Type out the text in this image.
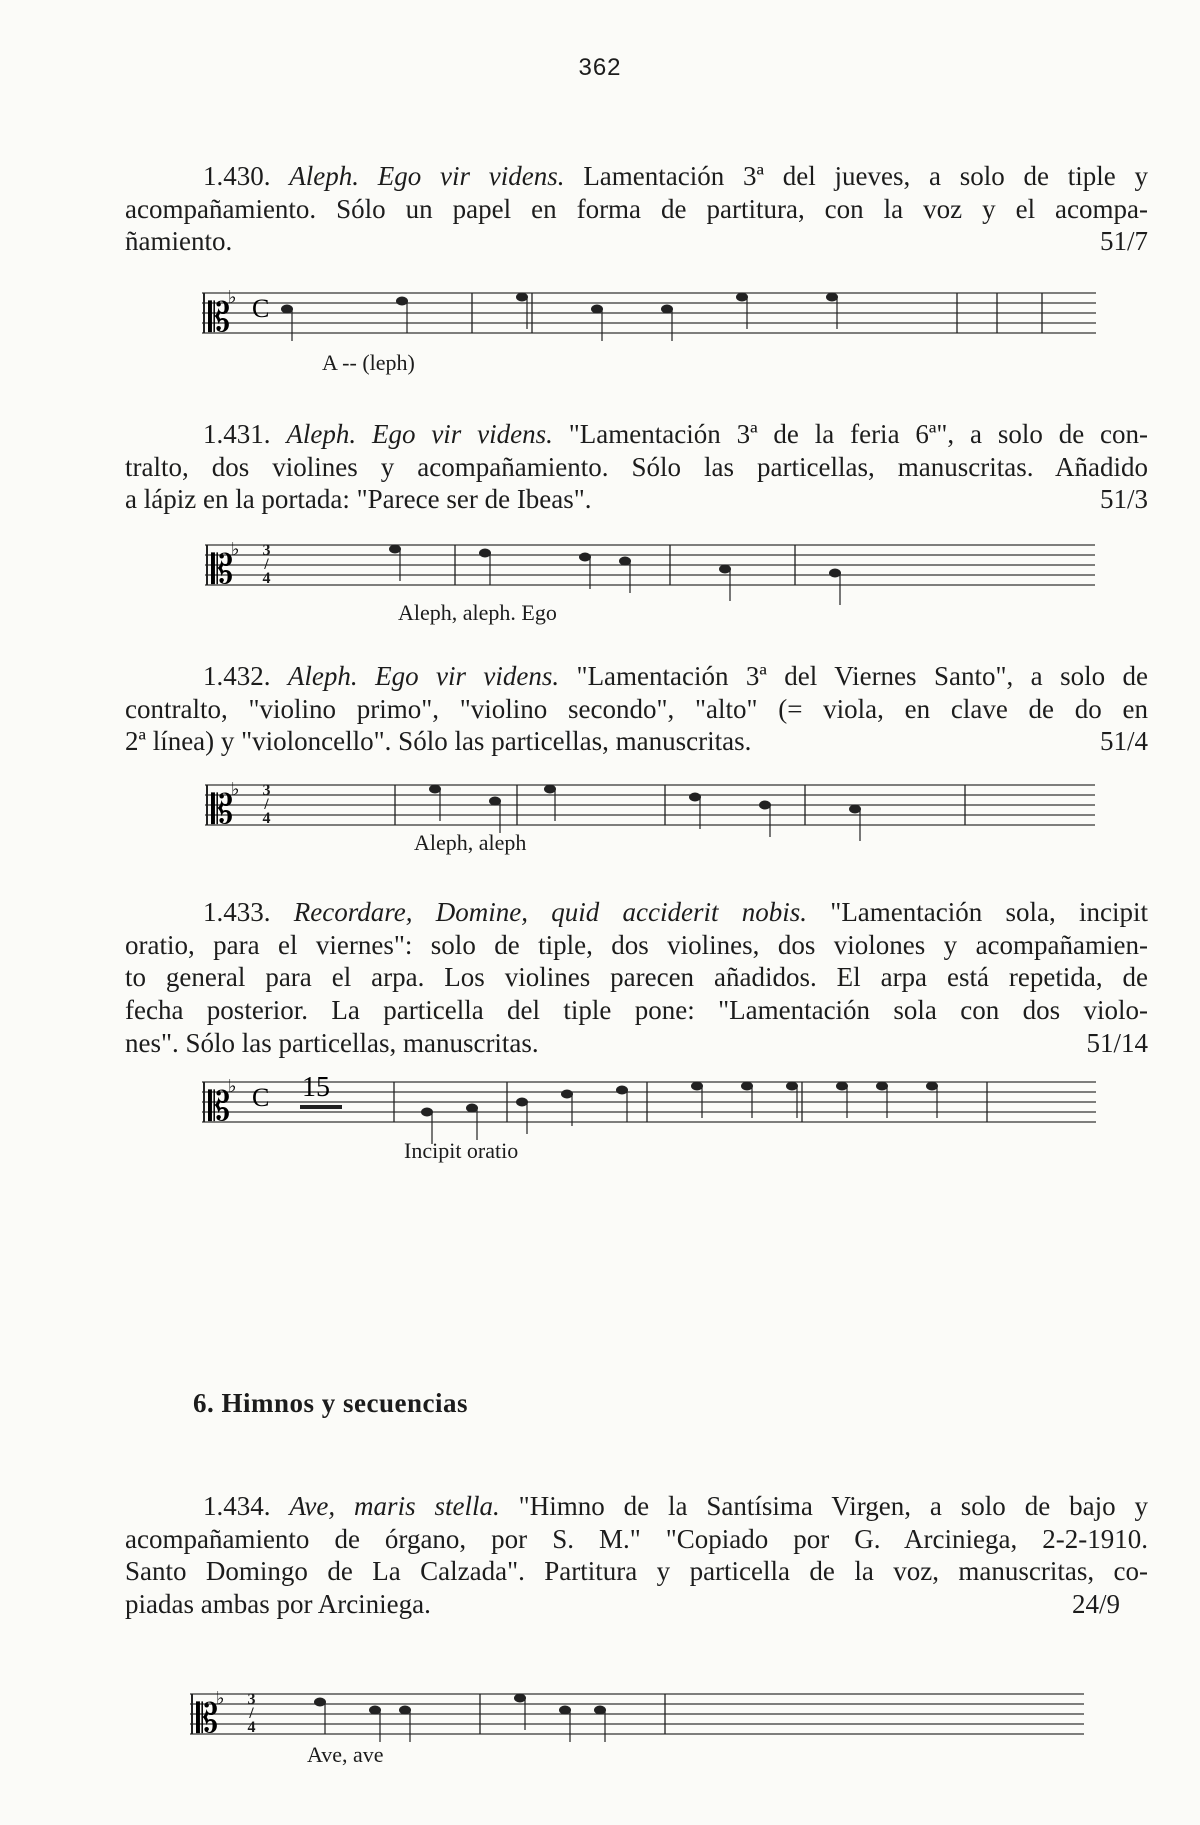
362
1.430. Aleph. Ego vir videns. Lamentación 3ª del jueves, a solo de tiple y
acompañamiento. Sólo un papel en forma de partitura, con la voz y el acompa-
ñamiento.	51/7
𝄡
♭ C
A -- (leph)
1.431. Aleph. Ego vir videns. "Lamentación 3ª de la feria 6ª", a solo de con-
tralto, dos violines y acompañamiento. Sólo las particellas, manuscritas. Añadido
a lápiz en la portada: "Parece ser de Ibeas".	51/3
𝄡
♭ 3/4
Aleph, aleph. Ego
1.432. Aleph. Ego vir videns. "Lamentación 3ª del Viernes Santo", a solo de
contralto, "violino primo", "violino secondo", "alto" (= viola, en clave de do en
2ª línea) y "violoncello". Sólo las particellas, manuscritas.	51/4
𝄡
♭ 3/4
Aleph, aleph
1.433. Recordare, Domine, quid acciderit nobis. "Lamentación sola, incipit
oratio, para el viernes": solo de tiple, dos violines, dos violones y acompañamien-
to general para el arpa. Los violines parecen añadidos. El arpa está repetida, de
fecha posterior. La particella del tiple pone: "Lamentación sola con dos violo-
nes". Sólo las particellas, manuscritas.	51/14
𝄡
♭ C 15
Incipit oratio
6. Himnos y secuencias
1.434. Ave, maris stella. "Himno de la Santísima Virgen, a solo de bajo y
acompañamiento de órgano, por S. M." "Copiado por G. Arciniega, 2-2-1910.
Santo Domingo de La Calzada". Partitura y particella de la voz, manuscritas, co-
piadas ambas por Arciniega.	24/9
𝄡
♭ 3/4
Ave, ave
